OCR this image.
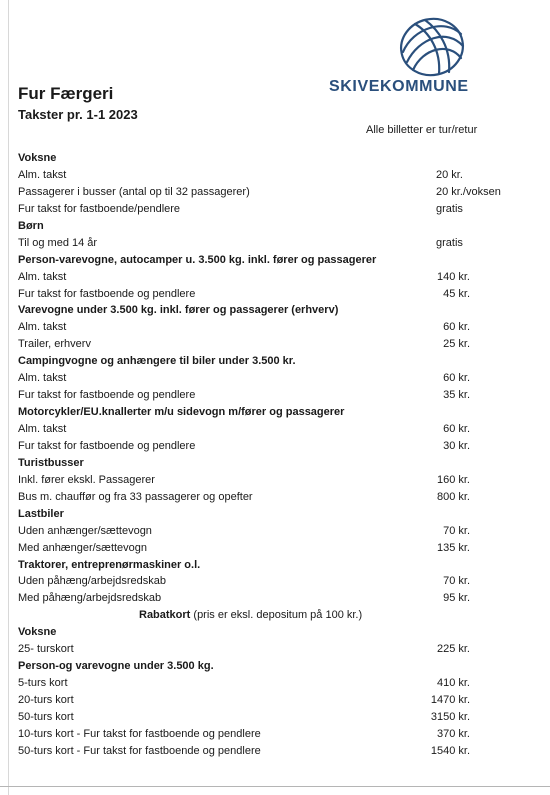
SKIVEKOMMUNE
Fur Færgeri
Takster pr. 1-1 2023
Alle billetter er tur/retur
Voksne
Alm. takst	20 kr.
Passagerer i busser (antal op til 32 passagerer)	20 kr./voksen
Fur takst for fastboende/pendlere	gratis
Børn
Til og med 14 år	gratis
Person-varevogne, autocamper u. 3.500 kg. inkl. fører og passagerer
Alm. takst	140 kr.
Fur takst for fastboende og pendlere	45 kr.
Varevogne under 3.500 kg. inkl. fører og passagerer (erhverv)
Alm. takst	60 kr.
Trailer, erhverv	25 kr.
Campingvogne og anhængere til biler under 3.500 kr.
Alm. takst	60 kr.
Fur takst for fastboende og pendlere	35 kr.
Motorcykler/EU.knallerter m/u sidevogn m/fører og passagerer
Alm. takst	60 kr.
Fur takst for fastboende og pendlere	30 kr.
Turistbusser
Inkl. fører ekskl. Passagerer	160 kr.
Bus m. chauffør og fra 33 passagerer og opefter	800 kr.
Lastbiler
Uden anhænger/sættevogn	70 kr.
Med anhænger/sættevogn	135 kr.
Traktorer, entreprenørmaskiner o.l.
Uden påhæng/arbejdsredskab	70 kr.
Med påhæng/arbejdsredskab	95 kr.
Rabatkort (pris er eksl. depositum på 100 kr.)
Voksne
25- turskort	225 kr.
Person-og varevogne under 3.500 kg.
5-turs kort	410 kr.
20-turs kort	1470 kr.
50-turs kort	3150 kr.
10-turs kort - Fur takst for fastboende og pendlere	370 kr.
50-turs kort - Fur takst for fastboende og pendlere	1540 kr.
